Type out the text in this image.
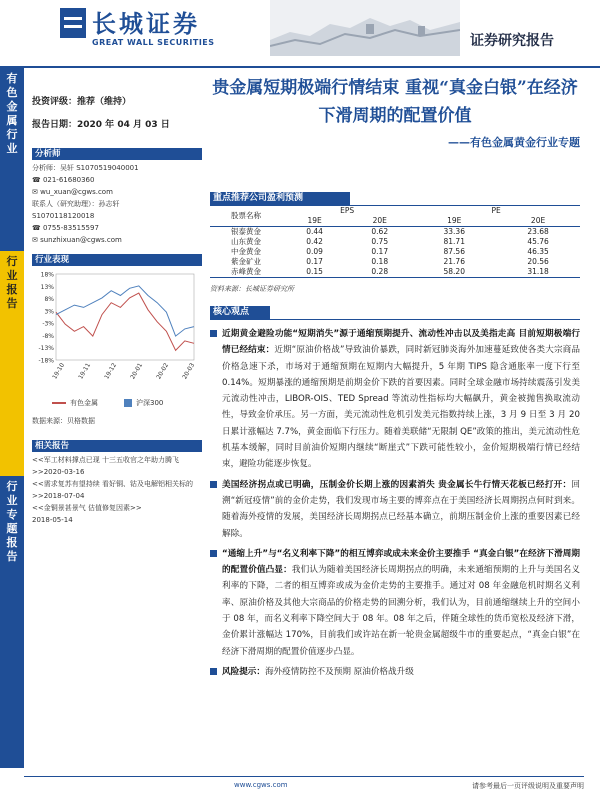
长城证券
GREAT WALL SECURITIES	证券研究报告
有
色
金
属
行
业
行
业
报
告
行
业
专
题
报
告
投资评级：推荐（维持）
报告日期：2020 年 04 月 03 日
分析师
分析师：吴轩 S1070519040001
☎ 021-61680360
✉ wu_xuan@cgws.com
联系人（研究助理）：孙志轩
S1070118120018
☎ 0755-83515597
✉ sunzhixuan@cgws.com
行业表现
18%
13%
8%
3%
-3%
-8%
-13%
-18%
19-10 19-11 19-12 20-01 20-02 20-03
有色金属	沪深300
数据来源：贝格数据
相关报告
<<军工材料撑点已现 十三五收官之年助力腾飞>>2020-03-16
<<需求复苏有望持续 看好铜、钴及电解铝相关标的>>2018-07-04
<<金铜景甚景气 估值修复因素>>
2018-05-14
贵金属短期极端行情结束 重视“真金白银”在经济下滑周期的配置价值
——有色金属黄金行业专题
重点推荐公司盈利预测
股票名称	EPS		PE	
	19E	20E	19E	20E
银泰黄金	0.44	0.62	33.36	23.68
山东黄金	0.42	0.75	81.71	45.76
中金黄金	0.09	0.17	87.56	46.35
紫金矿业	0.17	0.18	21.76	20.56
赤峰黄金	0.15	0.28	58.20	31.18
资料来源：长城证券研究所
核心观点
近期黄金避险功能“短期消失”源于通缩预期提升、流动性冲击以及美指走高 目前短期极端行情已经结束：近期“原油价格战”导致油价暴跌，同时新冠肺炎海外加速蔓延致使各类大宗商品价格急速下杀，市场对于通缩预期在短期内大幅提升，5 年期 TIPS 隐含通胀率一度下行至 0.14%。短期暴涨的通缩预期是前期金价下跌的首要因素。同时全球金融市场持续震荡引发美元流动性冲击，LIBOR-OIS、TED Spread 等流动性指标均大幅飙升，黄金被抛售换取流动性，导致金价承压。另一方面，美元流动性危机引发美元指数持续上涨，3 月 9 日至 3 月 20 日累计涨幅达 7.7%，黄金面临下行压力。随着美联储“无限制 QE”政策的推出，美元流动性危机基本缓解，同时目前油价短期内继续“断崖式”下跌可能性较小，金价短期极端行情已经结束，避险功能逐步恢复。
美国经济拐点或已明确，压制金价长期上涨的因素消失 贵金属长牛行情天花板已经打开：回溯“新冠疫情”前的金价走势，我们发现市场主要的博弈点在于美国经济长周期拐点何时到来。随着海外疫情的发展，美国经济长周期拐点已经基本确立，前期压制金价上涨的重要因素已经解除。
“通缩上升”与“名义利率下降”的相互博弈或成未来金价主要推手 “真金白银”在经济下滑周期的配置价值凸显：我们认为随着美国经济长周期拐点的明确，未来通缩预期的上升与美国名义利率的下降，二者的相互博弈或成为金价走势的主要推手。通过对 08 年金融危机时期名义利率、原油价格及其他大宗商品的价格走势的回溯分析，我们认为，目前通缩继续上升的空间小于 08 年，而名义利率下降空间大于 08 年。08 年之后，伴随全球性的货币宽松及经济下滑，金价累计涨幅达 170%，目前我们或许站在新一轮贵金属超级牛市的重要起点，“真金白银”在经济下滑周期的配置价值逐步凸显。
风险提示：海外疫情防控不及预期 原油价格战升级
www.cgws.com	请参考最后一页评级说明及重要声明
